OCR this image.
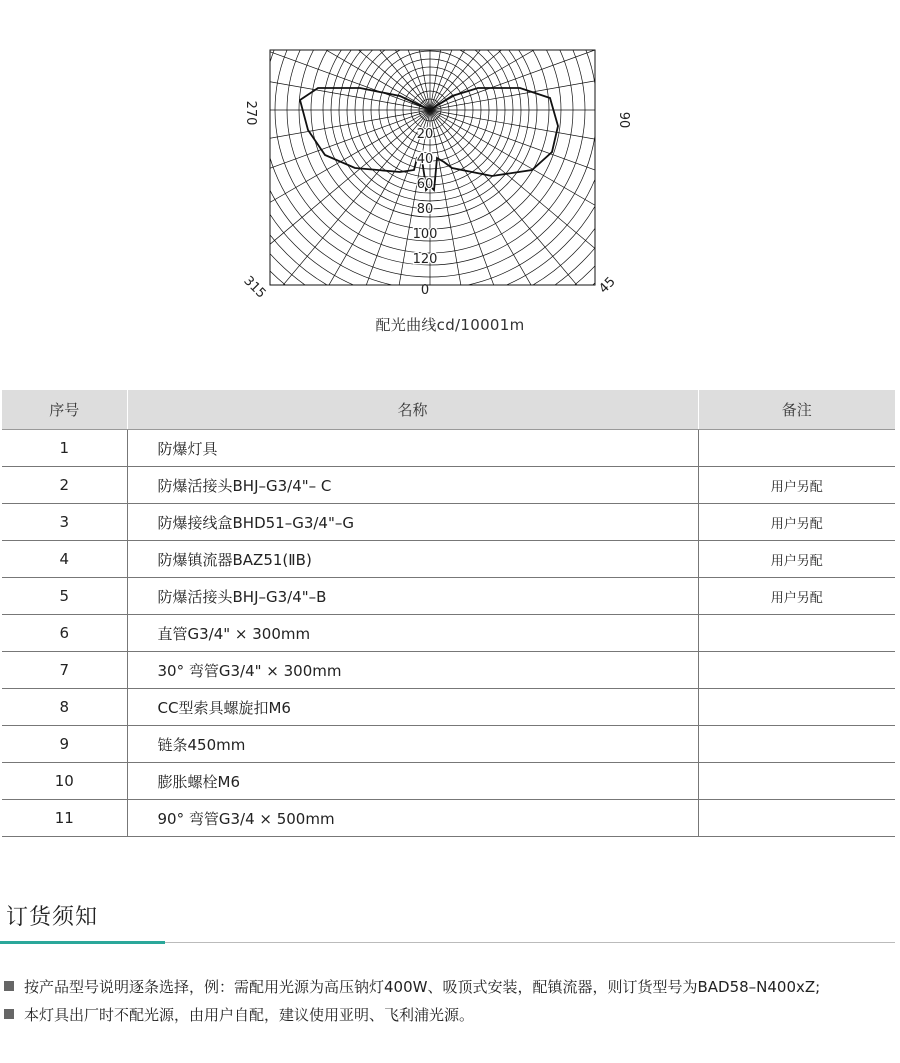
20
40
60
80
100
120
270	90
0
315	45
配光曲线cd/10001m
序号	名称	备注
1	防爆灯具	
2	防爆活接头BHJ–G3/4"– C	用户另配
3	防爆接线盒BHD51–G3/4"–G	用户另配
4	防爆镇流器BAZ51(ⅡB)	用户另配
5	防爆活接头BHJ–G3/4"–B	用户另配
6	直管G3/4" × 300mm	
7	30° 弯管G3/4" × 300mm	
8	CC型索具螺旋扣M6	
9	链条450mm	
10	膨胀螺栓M6	
11	90° 弯管G3/4 × 500mm	
订货须知

按产品型号说明逐条选择，例：需配用光源为高压钠灯400W、吸顶式安装，配镇流器，则订货型号为BAD58–N400xZ;

本灯具出厂时不配光源，由用户自配，建议使用亚明、飞利浦光源。
